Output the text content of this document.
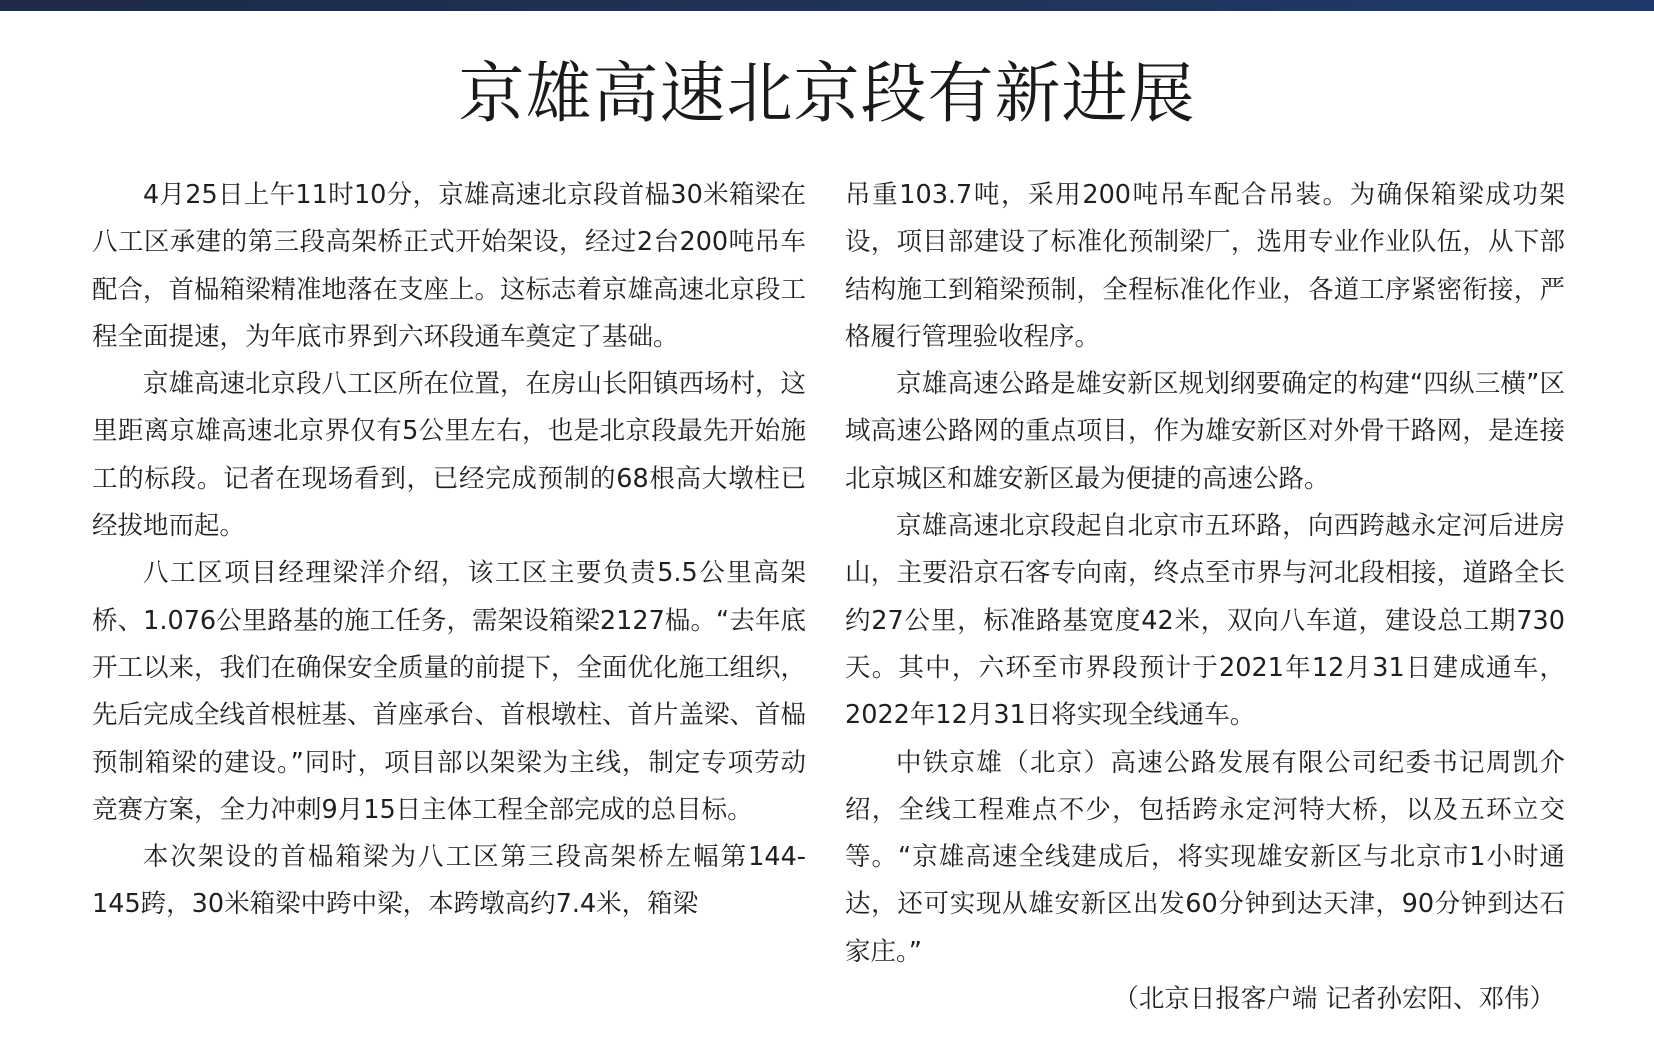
京雄高速北京段有新进展

4月25日上午11时10分，京雄高速北京段首榀30米箱梁在八工区承建的第三段高架桥正式开始架设，经过2台200吨吊车配合，首榀箱梁精准地落在支座上。这标志着京雄高速北京段工程全面提速，为年底市界到六环段通车奠定了基础。

京雄高速北京段八工区所在位置，在房山长阳镇西场村，这里距离京雄高速北京界仅有5公里左右，也是北京段最先开始施工的标段。记者在现场看到，已经完成预制的68根高大墩柱已经拔地而起。

八工区项目经理梁洋介绍，该工区主要负责5.5公里高架桥、1.076公里路基的施工任务，需架设箱梁2127榀。“去年底开工以来，我们在确保安全质量的前提下，全面优化施工组织，先后完成全线首根桩基、首座承台、首根墩柱、首片盖梁、首榀预制箱梁的建设。”同时，项目部以架梁为主线，制定专项劳动竞赛方案，全力冲刺9月15日主体工程全部完成的总目标。

本次架设的首榀箱梁为八工区第三段高架桥左幅第144-145跨，30米箱梁中跨中梁，本跨墩高约7.4米，箱梁

吊重103.7吨，采用200吨吊车配合吊装。为确保箱梁成功架设，项目部建设了标准化预制梁厂，选用专业作业队伍，从下部结构施工到箱梁预制，全程标准化作业，各道工序紧密衔接，严格履行管理验收程序。

京雄高速公路是雄安新区规划纲要确定的构建“四纵三横”区域高速公路网的重点项目，作为雄安新区对外骨干路网，是连接北京城区和雄安新区最为便捷的高速公路。

京雄高速北京段起自北京市五环路，向西跨越永定河后进房山，主要沿京石客专向南，终点至市界与河北段相接，道路全长约27公里，标准路基宽度42米，双向八车道，建设总工期730天。其中，六环至市界段预计于2021年12月31日建成通车，2022年12月31日将实现全线通车。

中铁京雄（北京）高速公路发展有限公司纪委书记周凯介绍，全线工程难点不少，包括跨永定河特大桥，以及五环立交等。“京雄高速全线建成后，将实现雄安新区与北京市1小时通达，还可实现从雄安新区出发60分钟到达天津，90分钟到达石家庄。”

（北京日报客户端 记者孙宏阳、邓伟）
